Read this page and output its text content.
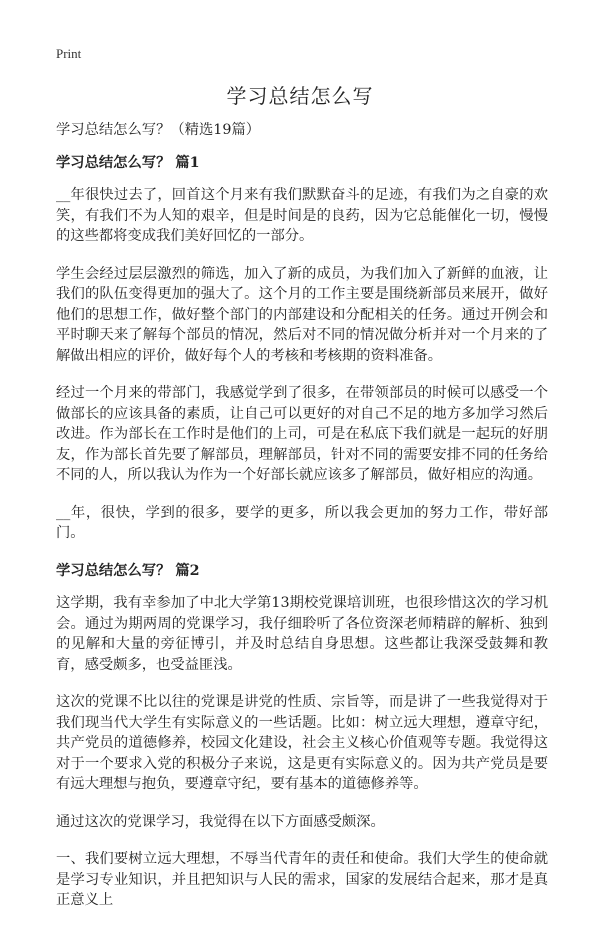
Print
学习总结怎么写

学习总结怎么写？（精选19篇）

学习总结怎么写？ 篇1

__年很快过去了，回首这个月来有我们默默奋斗的足迹，有我们为之自豪的欢笑，有我们不为人知的艰辛，但是时间是的良药，因为它总能催化一切，慢慢的这些都将变成我们美好回忆的一部分。

学生会经过层层激烈的筛选，加入了新的成员，为我们加入了新鲜的血液，让我们的队伍变得更加的强大了。这个月的工作主要是围绕新部员来展开，做好他们的思想工作，做好整个部门的内部建设和分配相关的任务。通过开例会和平时聊天来了解每个部员的情况，然后对不同的情况做分析并对一个月来的了解做出相应的评价，做好每个人的考核和考核期的资料准备。

经过一个月来的带部门，我感觉学到了很多，在带领部员的时候可以感受一个做部长的应该具备的素质，让自己可以更好的对自己不足的地方多加学习然后改进。作为部长在工作时是他们的上司，可是在私底下我们就是一起玩的好朋友，作为部长首先要了解部员，理解部员，针对不同的需要安排不同的任务给不同的人，所以我认为作为一个好部长就应该多了解部员，做好相应的沟通。

__年，很快，学到的很多，要学的更多，所以我会更加的努力工作，带好部门。

学习总结怎么写？ 篇2

这学期，我有幸参加了中北大学第13期校党课培训班，也很珍惜这次的学习机会。通过为期两周的党课学习，我仔细聆听了各位资深老师精辟的解析、独到的见解和大量的旁征博引，并及时总结自身思想。这些都让我深受鼓舞和教育，感受颇多，也受益匪浅。

这次的党课不比以往的党课是讲党的性质、宗旨等，而是讲了一些我觉得对于我们现当代大学生有实际意义的一些话题。比如：树立远大理想，遵章守纪，共产党员的道德修养，校园文化建设，社会主义核心价值观等专题。我觉得这对于一个要求入党的积极分子来说，这是更有实际意义的。因为共产党员是要有远大理想与抱负，要遵章守纪，要有基本的道德修养等。

通过这次的党课学习，我觉得在以下方面感受颇深。

一、我们要树立远大理想，不辱当代青年的责任和使命。我们大学生的使命就是学习专业知识，并且把知识与人民的需求，国家的发展结合起来，那才是真正意义上
